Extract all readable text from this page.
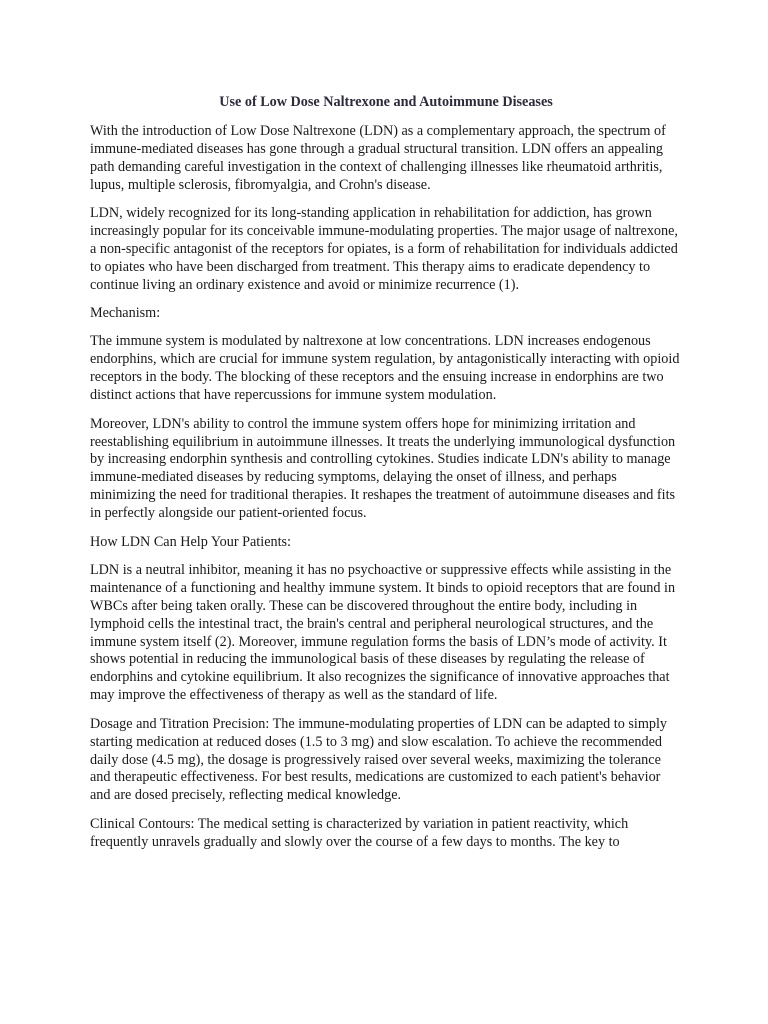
Use of Low Dose Naltrexone and Autoimmune Diseases

With the introduction of Low Dose Naltrexone (LDN) as a complementary approach, the spectrum of immune-mediated diseases has gone through a gradual structural transition. LDN offers an appealing path demanding careful investigation in the context of challenging illnesses like rheumatoid arthritis, lupus, multiple sclerosis, fibromyalgia, and Crohn's disease.

LDN, widely recognized for its long-standing application in rehabilitation for addiction, has grown increasingly popular for its conceivable immune-modulating properties. The major usage of naltrexone, a non-specific antagonist of the receptors for opiates, is a form of rehabilitation for individuals addicted to opiates who have been discharged from treatment. This therapy aims to eradicate dependency to continue living an ordinary existence and avoid or minimize recurrence (1).

Mechanism:

The immune system is modulated by naltrexone at low concentrations. LDN increases endogenous endorphins, which are crucial for immune system regulation, by antagonistically interacting with opioid receptors in the body. The blocking of these receptors and the ensuing increase in endorphins are two distinct actions that have repercussions for immune system modulation.

Moreover, LDN's ability to control the immune system offers hope for minimizing irritation and reestablishing equilibrium in autoimmune illnesses. It treats the underlying immunological dysfunction by increasing endorphin synthesis and controlling cytokines. Studies indicate LDN's ability to manage immune-mediated diseases by reducing symptoms, delaying the onset of illness, and perhaps minimizing the need for traditional therapies. It reshapes the treatment of autoimmune diseases and fits in perfectly alongside our patient-oriented focus.

How LDN Can Help Your Patients:

LDN is a neutral inhibitor, meaning it has no psychoactive or suppressive effects while assisting in the maintenance of a functioning and healthy immune system. It binds to opioid receptors that are found in WBCs after being taken orally. These can be discovered throughout the entire body, including in lymphoid cells the intestinal tract, the brain's central and peripheral neurological structures, and the immune system itself (2). Moreover, immune regulation forms the basis of LDN’s mode of activity. It shows potential in reducing the immunological basis of these diseases by regulating the release of endorphins and cytokine equilibrium. It also recognizes the significance of innovative approaches that may improve the effectiveness of therapy as well as the standard of life.

Dosage and Titration Precision: The immune-modulating properties of LDN can be adapted to simply starting medication at reduced doses (1.5 to 3 mg) and slow escalation. To achieve the recommended daily dose (4.5 mg), the dosage is progressively raised over several weeks, maximizing the tolerance and therapeutic effectiveness. For best results, medications are customized to each patient's behavior and are dosed precisely, reflecting medical knowledge.

Clinical Contours: The medical setting is characterized by variation in patient reactivity, which frequently unravels gradually and slowly over the course of a few days to months. The key to
